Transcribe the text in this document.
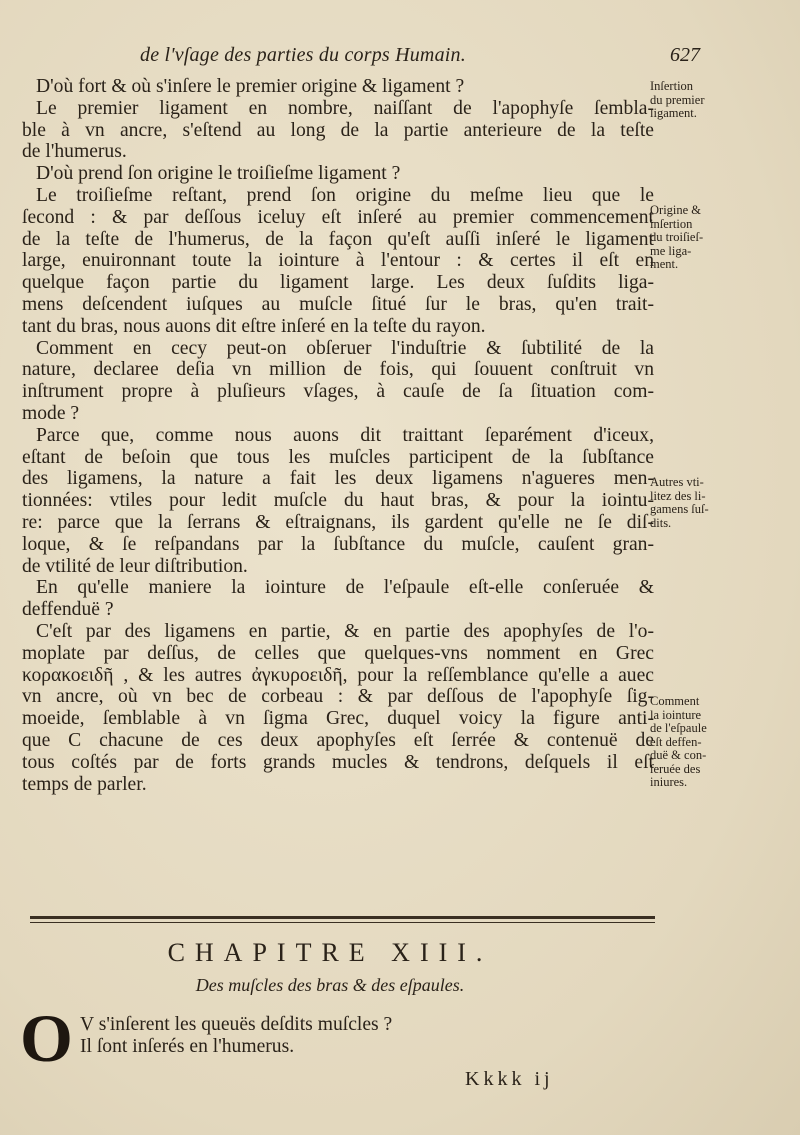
de l'vſage des parties du corps Humain.	627
D'où fort & où s'inſere le premier origine & ligament ?
Le premier ligament en nombre, naiſſant de l'apophyſe ſembla-
ble à vn ancre, s'eſtend au long de la partie anterieure de la teſte
de l'humerus.
D'où prend ſon origine le troiſieſme ligament ?
Le troiſieſme reſtant, prend ſon origine du meſme lieu que le
ſecond : & par deſſous iceluy eſt inſeré au premier commencement
de la teſte de l'humerus, de la façon qu'eſt auſſi inſeré le ligament
large, enuironnant toute la iointure à l'entour : & certes il eſt en
quelque façon partie du ligament large. Les deux ſuſdits liga-
mens deſcendent iuſques au muſcle ſitué ſur le bras, qu'en trait-
tant du bras, nous auons dit eſtre inſeré en la teſte du rayon.
Comment en cecy peut-on obſeruer l'induſtrie & ſubtilité de la
nature, declaree deſia vn million de fois, qui ſouuent conſtruit vn
inſtrument propre à pluſieurs vſages, à cauſe de ſa ſituation com-
mode ?
Parce que, comme nous auons dit traittant ſeparément d'iceux,
eſtant de beſoin que tous les muſcles participent de la ſubſtance
des ligamens, la nature a fait les deux ligamens n'agueres men-
tionnées: vtiles pour ledit muſcle du haut bras, & pour la iointu-
re: parce que la ſerrans & eſtraignans, ils gardent qu'elle ne ſe diſ-
loque, & ſe reſpandans par la ſubſtance du muſcle, cauſent gran-
de vtilité de leur diſtribution.
En qu'elle maniere la iointure de l'eſpaule eſt-elle conſeruée &
deffenduë ?
C'eſt par des ligamens en partie, & en partie des apophyſes de l'o-
moplate par deſſus, de celles que quelques-vns nomment en Grec
κορακοειδῆ , & les autres ἀγκυροειδῆ, pour la reſſemblance qu'elle a auec
vn ancre, où vn bec de corbeau : & par deſſous de l'apophyſe ſig-
moeide, ſemblable à vn ſigma Grec, duquel voicy la figure anti-
que C chacune de ces deux apophyſes eſt ſerrée & contenuë de
tous coſtés par de forts grands mucles & tendrons, deſquels il eſt
temps de parler.
Inſertion
du premier
ligament.
Origine &
inſertion
du troiſieſ-
me liga-
ment.
Autres vti-
litez des li-
gamens ſuſ-
dits.
Comment
la iointure
de l'eſpaule
eſt deffen-
duë & con-
ſeruée des
iniures.
CHAPITRE XIII.
Des muſcles des bras & des eſpaules.
O V s'inſerent les queuës deſdits muſcles ?
Il ſont inſerés en l'humerus.
Kkkk ij
